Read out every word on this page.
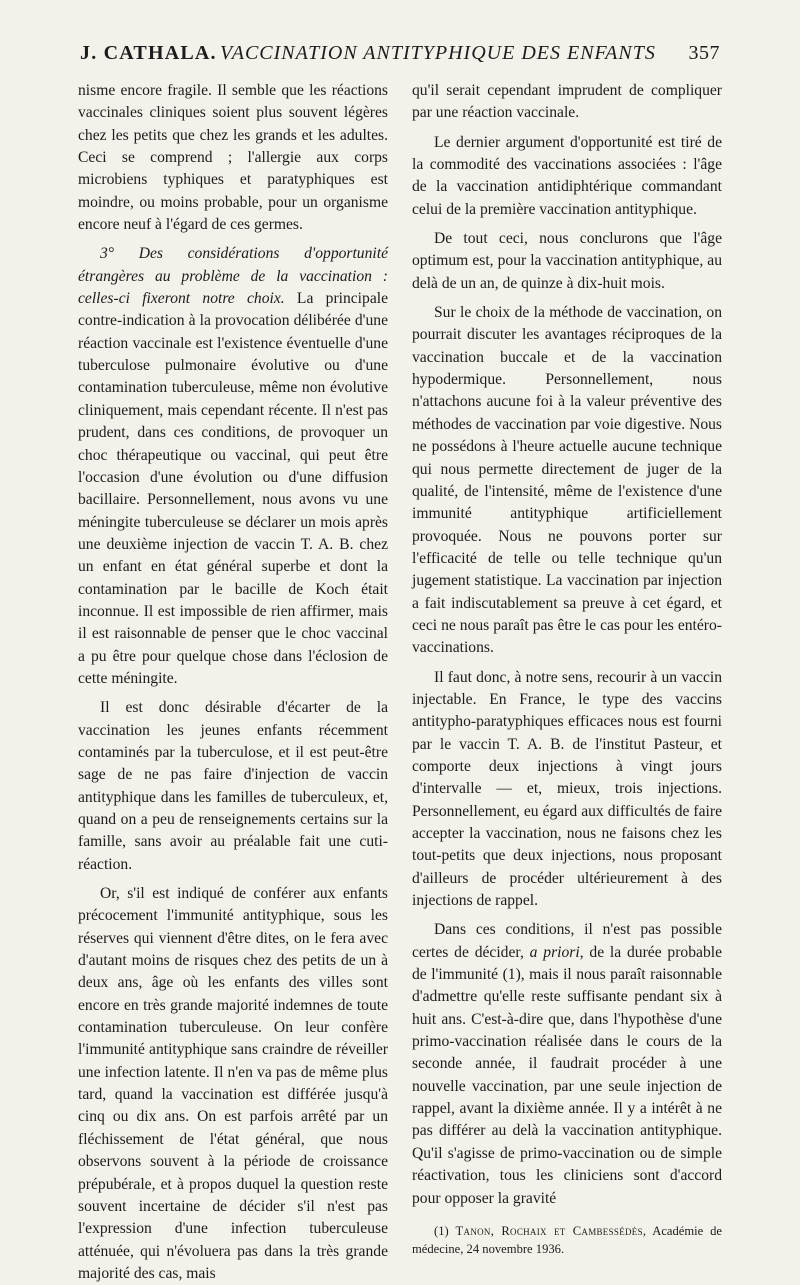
J. CATHALA. VACCINATION ANTITYPHIQUE DES ENFANTS 357

nisme encore fragile. Il semble que les réactions vaccinales cliniques soient plus souvent légères chez les petits que chez les grands et les adultes. Ceci se comprend ; l'allergie aux corps microbiens typhiques et paratyphiques est moindre, ou moins probable, pour un organisme encore neuf à l'égard de ces germes.

3° Des considérations d'opportunité étrangères au problème de la vaccination : celles-ci fixeront notre choix. La principale contre-indication à la provocation délibérée d'une réaction vaccinale est l'existence éventuelle d'une tuberculose pulmonaire évolutive ou d'une contamination tuberculeuse, même non évolutive cliniquement, mais cependant récente. Il n'est pas prudent, dans ces conditions, de provoquer un choc thérapeutique ou vaccinal, qui peut être l'occasion d'une évolution ou d'une diffusion bacillaire. Personnellement, nous avons vu une méningite tuberculeuse se déclarer un mois après une deuxième injection de vaccin T. A. B. chez un enfant en état général superbe et dont la contamination par le bacille de Koch était inconnue. Il est impossible de rien affirmer, mais il est raisonnable de penser que le choc vaccinal a pu être pour quelque chose dans l'éclosion de cette méningite.

Il est donc désirable d'écarter de la vaccination les jeunes enfants récemment contaminés par la tuberculose, et il est peut-être sage de ne pas faire d'injection de vaccin antityphique dans les familles de tuberculeux, et, quand on a peu de renseignements certains sur la famille, sans avoir au préalable fait une cuti-réaction.

Or, s'il est indiqué de conférer aux enfants précocement l'immunité antityphique, sous les réserves qui viennent d'être dites, on le fera avec d'autant moins de risques chez des petits de un à deux ans, âge où les enfants des villes sont encore en très grande majorité indemnes de toute contamination tuberculeuse. On leur confère l'immunité antityphique sans craindre de réveiller une infection latente. Il n'en va pas de même plus tard, quand la vaccination est différée jusqu'à cinq ou dix ans. On est parfois arrêté par un fléchissement de l'état général, que nous observons souvent à la période de croissance prépubérale, et à propos duquel la question reste souvent incertaine de décider s'il n'est pas l'expression d'une infection tuberculeuse atténuée, qui n'évoluera pas dans la très grande majorité des cas, mais

qu'il serait cependant imprudent de compliquer par une réaction vaccinale.

Le dernier argument d'opportunité est tiré de la commodité des vaccinations associées : l'âge de la vaccination antidiphtérique commandant celui de la première vaccination antityphique.

De tout ceci, nous conclurons que l'âge optimum est, pour la vaccination antityphique, au delà de un an, de quinze à dix-huit mois.

Sur le choix de la méthode de vaccination, on pourrait discuter les avantages réciproques de la vaccination buccale et de la vaccination hypodermique. Personnellement, nous n'attachons aucune foi à la valeur préventive des méthodes de vaccination par voie digestive. Nous ne possédons à l'heure actuelle aucune technique qui nous permette directement de juger de la qualité, de l'intensité, même de l'existence d'une immunité antityphique artificiellement provoquée. Nous ne pouvons porter sur l'efficacité de telle ou telle technique qu'un jugement statistique. La vaccination par injection a fait indiscutablement sa preuve à cet égard, et ceci ne nous paraît pas être le cas pour les entéro-vaccinations.

Il faut donc, à notre sens, recourir à un vaccin injectable. En France, le type des vaccins antitypho-paratyphiques efficaces nous est fourni par le vaccin T. A. B. de l'institut Pasteur, et comporte deux injections à vingt jours d'intervalle — et, mieux, trois injections. Personnellement, eu égard aux difficultés de faire accepter la vaccination, nous ne faisons chez les tout-petits que deux injections, nous proposant d'ailleurs de procéder ultérieurement à des injections de rappel.

Dans ces conditions, il n'est pas possible certes de décider, a priori, de la durée probable de l'immunité (1), mais il nous paraît raisonnable d'admettre qu'elle reste suffisante pendant six à huit ans. C'est-à-dire que, dans l'hypothèse d'une primo-vaccination réalisée dans le cours de la seconde année, il faudrait procéder à une nouvelle vaccination, par une seule injection de rappel, avant la dixième année. Il y a intérêt à ne pas différer au delà la vaccination antityphique. Qu'il s'agisse de primo-vaccination ou de simple réactivation, tous les cliniciens sont d'accord pour opposer la gravité

(1) Tanon, Rochaix et Cambessédès, Académie de médecine, 24 novembre 1936.
